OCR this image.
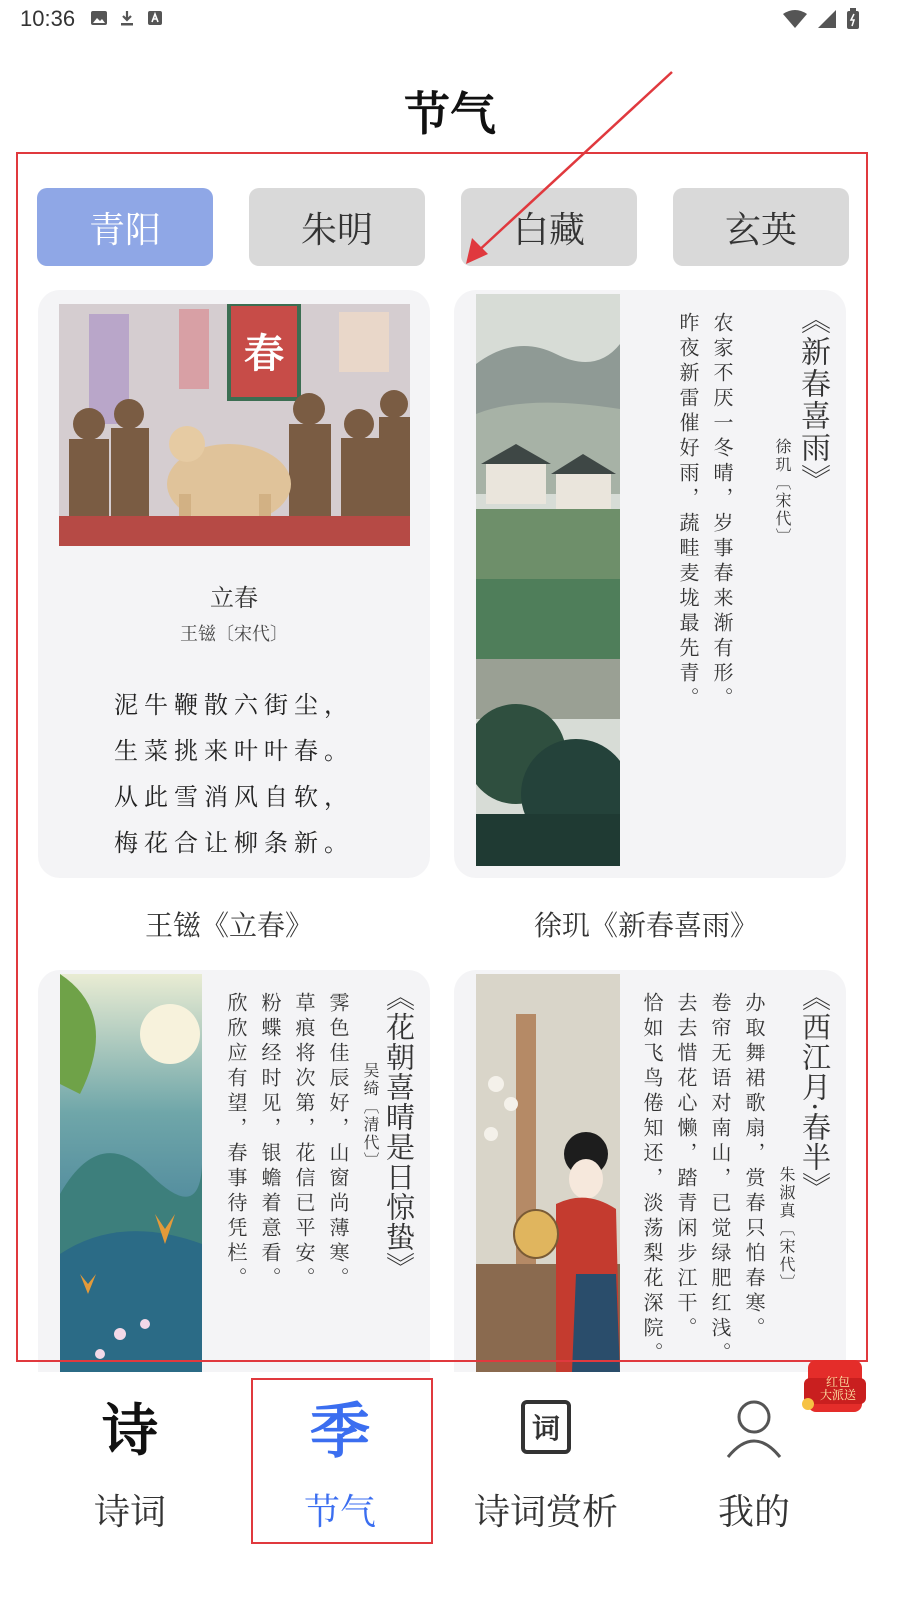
10:36
节气
青阳	朱明	白藏	玄英
春
立春
王镃〔宋代〕
泥牛鞭散六街尘，
生菜挑来叶叶春。
从此雪消风自软，
梅花合让柳条新。
王镃《立春》
《新春喜雨》
徐玑〔宋代〕
农家不厌一冬晴，岁事春来渐有形。
昨夜新雷催好雨，蔬畦麦垅最先青。
徐玑《新春喜雨》
《花朝喜晴是日惊蛰》
吴绮〔清代〕
霁色佳辰好，山窗尚薄寒。
草痕将次第，花信已平安。
粉蝶经时见，银蟾着意看。
欣欣应有望，春事待凭栏。	《西江月·春半》
朱淑真〔宋代〕
办取舞裙歌扇，赏春只怕春寒。
卷帘无语对南山，已觉绿肥红浅。
去去惜花心懒，踏青闲步江干。
恰如飞鸟倦知还，淡荡梨花深院。
诗
诗词
季
节气
词
诗词赏析	我的
红包
大派送
